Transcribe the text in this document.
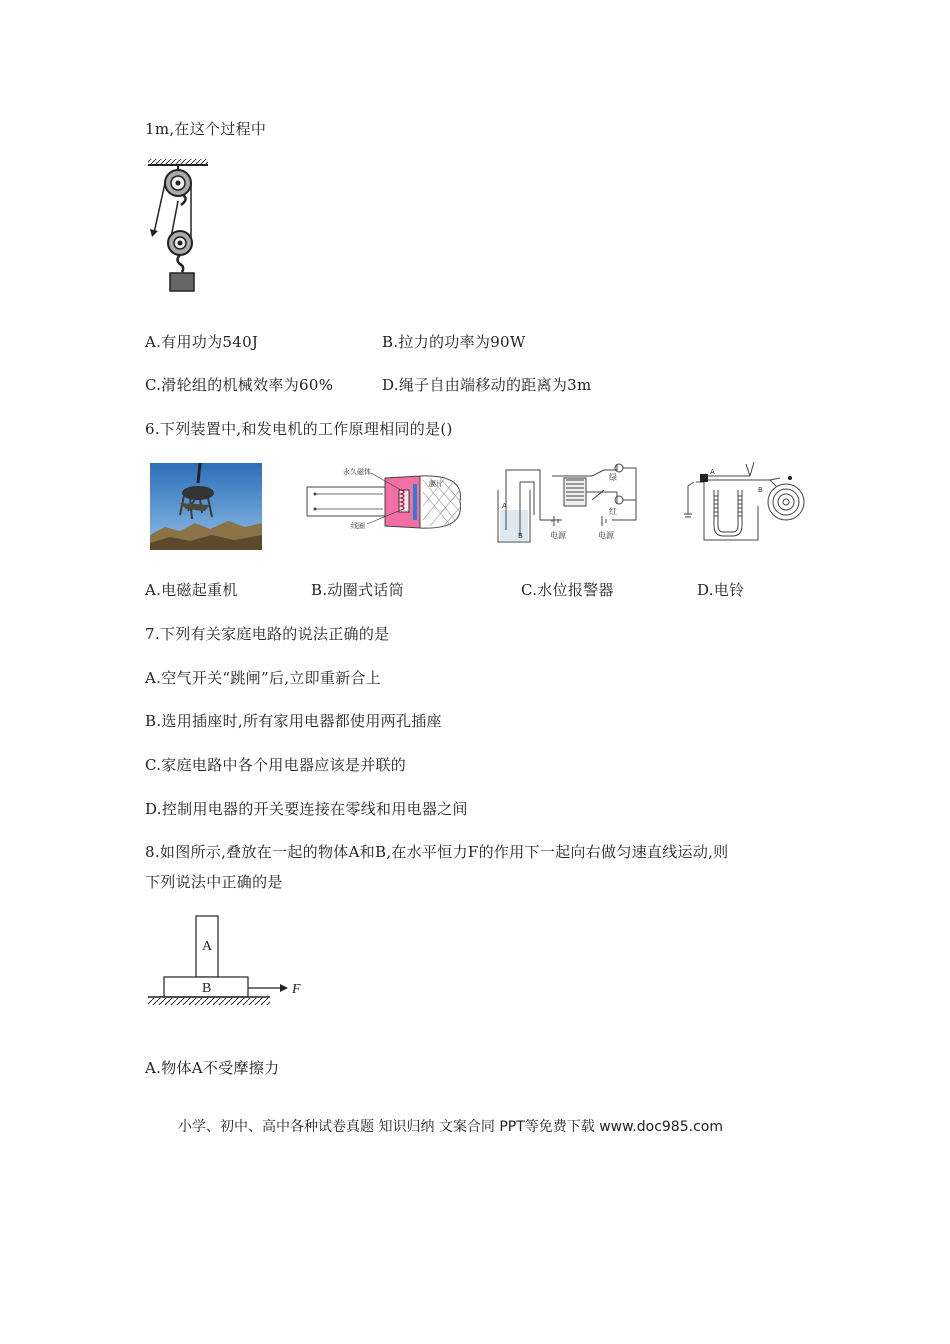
1m,在这个过程中
A.有用功为540J	B.拉力的功率为90W
C.滑轮组的机械效率为60%	D.绳子自由端移动的距离为3m
6.下列装置中,和发电机的工作原理相同的是()
永久磁体
线圈
膜片
A
B
绿
红
电源	电源
A
B
A.电磁起重机	B.动圈式话筒	C.水位报警器	D.电铃
7.下列有关家庭电路的说法正确的是
A.空气开关“跳闸”后,立即重新合上
B.选用插座时,所有家用电器都使用两孔插座
C.家庭电路中各个用电器应该是并联的
D.控制用电器的开关要连接在零线和用电器之间
8.如图所示,叠放在一起的物体A和B,在水平恒力F的作用下一起向右做匀速直线运动,则
下列说法中正确的是
A
B	F
A.物体A不受摩擦力
小学、初中、高中各种试卷真题 知识归纳 文案合同 PPT等免费下载 www.doc985.com
